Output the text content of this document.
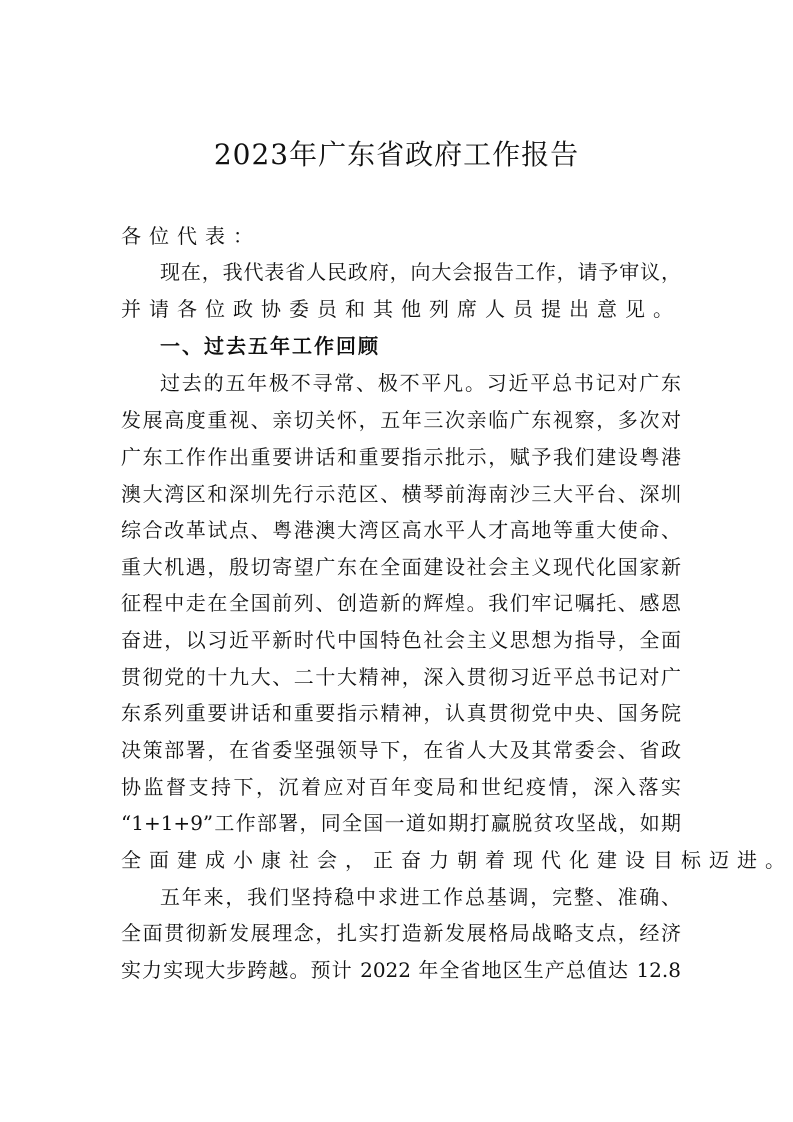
2023年广东省政府工作报告
各位代表：
现在，我代表省人民政府，向大会报告工作，请予审议，
并请各位政协委员和其他列席人员提出意见。
一、过去五年工作回顾
过去的五年极不寻常、极不平凡。习近平总书记对广东
发展高度重视、亲切关怀，五年三次亲临广东视察，多次对
广东工作作出重要讲话和重要指示批示，赋予我们建设粤港
澳大湾区和深圳先行示范区、横琴前海南沙三大平台、深圳
综合改革试点、粤港澳大湾区高水平人才高地等重大使命、
重大机遇，殷切寄望广东在全面建设社会主义现代化国家新
征程中走在全国前列、创造新的辉煌。我们牢记嘱托、感恩
奋进，以习近平新时代中国特色社会主义思想为指导，全面
贯彻党的十九大、二十大精神，深入贯彻习近平总书记对广
东系列重要讲话和重要指示精神，认真贯彻党中央、国务院
决策部署，在省委坚强领导下，在省人大及其常委会、省政
协监督支持下，沉着应对百年变局和世纪疫情，深入落实
“1+1+9”工作部署，同全国一道如期打赢脱贫攻坚战，如期
全面建成小康社会，正奋力朝着现代化建设目标迈进。
五年来，我们坚持稳中求进工作总基调，完整、准确、
全面贯彻新发展理念，扎实打造新发展格局战略支点，经济
实力实现大步跨越。预计 2022 年全省地区生产总值达 12.8
